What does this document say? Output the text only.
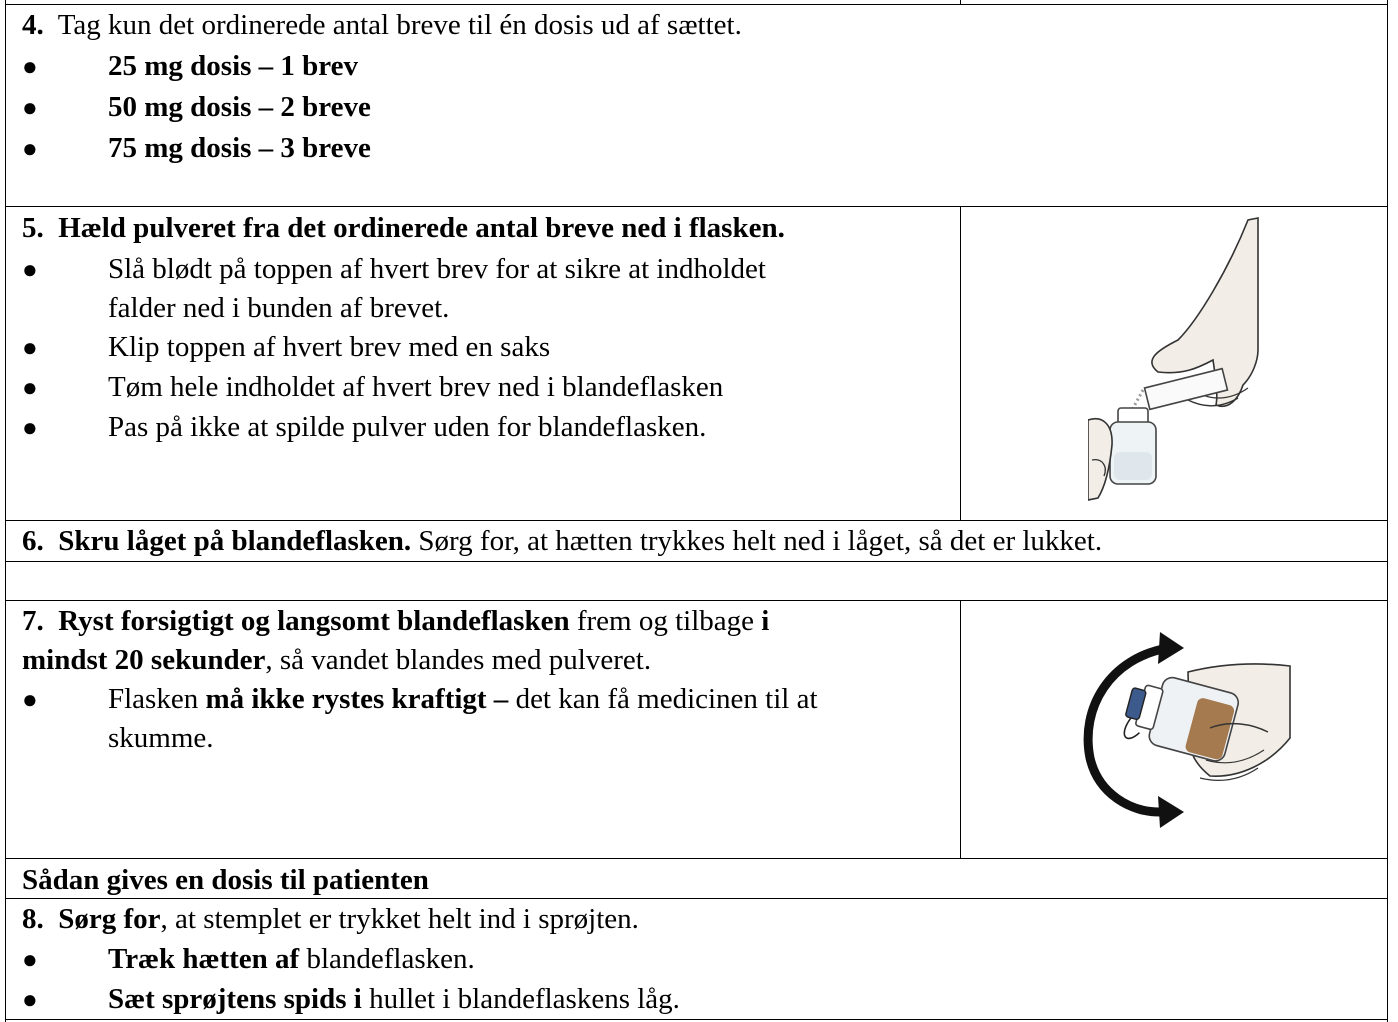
4. Tag kun det ordinerede antal breve til én dosis ud af sættet.
● 25 mg dosis – 1 brev
● 50 mg dosis – 2 breve
● 75 mg dosis – 3 breve
5. Hæld pulveret fra det ordinerede antal breve ned i flasken.
● Slå blødt på toppen af hvert brev for at sikre at indholdet
falder ned i bunden af brevet.
● Klip toppen af hvert brev med en saks
● Tøm hele indholdet af hvert brev ned i blandeflasken
● Pas på ikke at spilde pulver uden for blandeflasken.
6. Skru låget på blandeflasken. Sørg for, at hætten trykkes helt ned i låget, så det er lukket.
7. Ryst forsigtigt og langsomt blandeflasken frem og tilbage i
mindst 20 sekunder, så vandet blandes med pulveret.
● Flasken må ikke rystes kraftigt – det kan få medicinen til at
skumme.
Sådan gives en dosis til patienten
8. Sørg for, at stemplet er trykket helt ind i sprøjten.
● Træk hætten af blandeflasken.
● Sæt sprøjtens spids i hullet i blandeflaskens låg.
